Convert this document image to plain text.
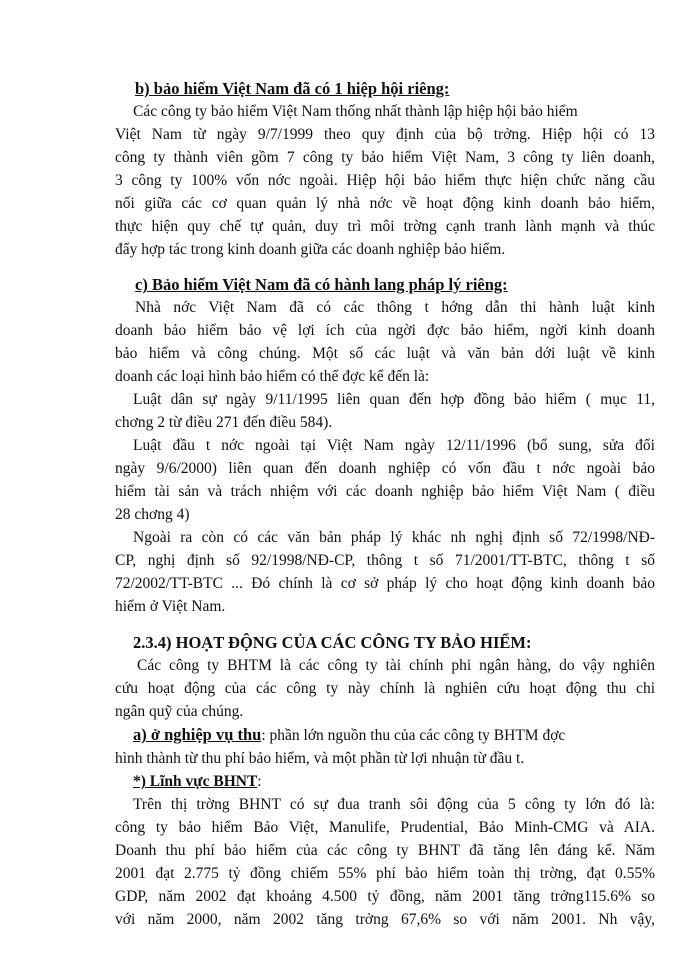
b) bảo hiểm Việt Nam đã có 1 hiệp hội riêng:

Các công ty bảo hiểm Việt Nam thống nhất thành lập hiệp hội bảo hiểm

Việt Nam từ ngày 9/7/1999 theo quy định của bộ trởng. Hiệp hội có 13

công ty thành viên gồm 7 công ty bảo hiểm Việt Nam, 3 công ty liên doanh,

3 công ty 100% vốn nớc ngoài. Hiệp hội bảo hiểm thực hiện chức năng cầu

nối giữa các cơ quan quản lý nhà nớc về hoạt động kinh doanh bảo hiểm,

thực hiện quy chế tự quản, duy trì môi trờng cạnh tranh lành mạnh và thúc

đẩy hợp tác trong kinh doanh giữa các doanh nghiệp bảo hiểm.

c) Bảo hiểm Việt Nam đã có hành lang pháp lý riêng:

Nhà nớc Việt Nam đã có các thông t hớng dẫn thi hành luật kinh

doanh bảo hiểm bảo vệ lợi ích của ngời đợc bảo hiểm, ngời kinh doanh

bảo hiểm và công chúng. Một số các luật và văn bản dới luật về kinh

doanh các loại hình bảo hiểm có thể đợc kể đến là:

Luật dân sự ngày 9/11/1995 liên quan đến hợp đồng bảo hiểm ( mục 11,

chơng 2 từ điều 271 đến điều 584).

Luật đầu t nớc ngoài tại Việt Nam ngày 12/11/1996 (bổ sung, sửa đổi

ngày 9/6/2000) liên quan đến doanh nghiệp có vốn đầu t nớc ngoài bảo

hiểm tài sản và trách nhiệm với các doanh nghiệp bảo hiểm Việt Nam ( điều

28 chơng 4)

Ngoài ra còn có các văn bản pháp lý khác nh nghị định số 72/1998/NĐ-

CP, nghị định số 92/1998/NĐ-CP, thông t số 71/2001/TT-BTC, thông t số

72/2002/TT-BTC ... Đó chính là cơ sở pháp lý cho hoạt động kinh doanh bảo

hiểm ở Việt Nam.

2.3.4) HOẠT ĐỘNG CỦA CÁC CÔNG TY BẢO HIỂM:

Các công ty BHTM là các công ty tài chính phi ngân hàng, do vậy nghiên

cứu hoạt động của các công ty này chính là nghiên cứu hoạt động thu chi

ngân quỹ của chúng.

a) ở nghiệp vụ thu: phần lớn nguồn thu của các công ty BHTM đợc

hình thành từ thu phí bảo hiểm, và một phần từ lợi nhuận từ đầu t.

*) Lĩnh vực BHNT:

Trên thị trờng BHNT có sự đua tranh sôi động của 5 công ty lớn đó là:

công ty bảo hiểm Bảo Việt, Manulife, Prudential, Bảo Minh-CMG và AIA.

Doanh thu phí bảo hiểm của các công ty BHNT đã tăng lên đáng kể. Năm

2001 đạt 2.775 tỷ đồng chiếm 55% phí bảo hiểm toàn thị trờng, đạt 0.55%

GDP, năm 2002 đạt khoảng 4.500 tỷ đồng, năm 2001 tăng trởng115.6% so

với năm 2000, năm 2002 tăng trởng 67,6% so với năm 2001. Nh vậy,
